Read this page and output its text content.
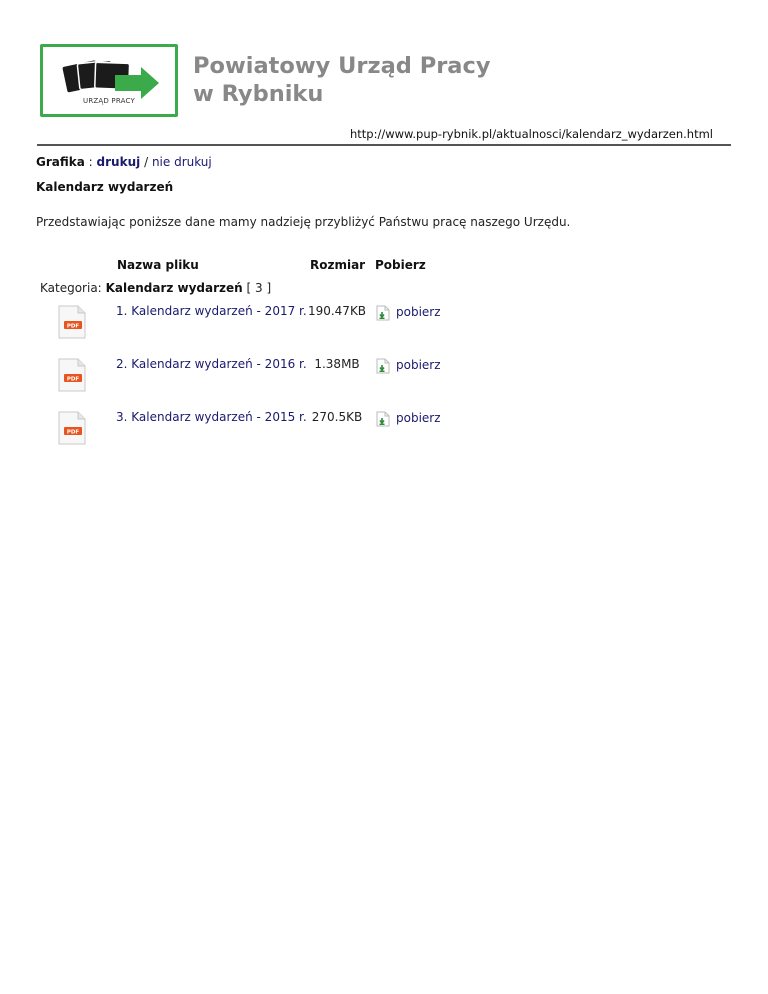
URZĄD PRACY
Powiatowy Urząd Pracy
w Rybniku
http://www.pup-rybnik.pl/aktualnosci/kalendarz_wydarzen.html
Grafika : drukuj / nie drukuj
Kalendarz wydarzeń
Przedstawiając poniższe dane mamy nadzieję przybliżyć Państwu pracę naszego Urzędu.
Nazwa pliku	Rozmiar Pobierz
Kategoria: Kalendarz wydarzeń [ 3 ]
PDF
1. Kalendarz wydarzeń - 2017 r. 190.47KB	pobierz
PDF
2. Kalendarz wydarzeń - 2016 r. 1.38MB	pobierz
PDF
3. Kalendarz wydarzeń - 2015 r. 270.5KB	pobierz
